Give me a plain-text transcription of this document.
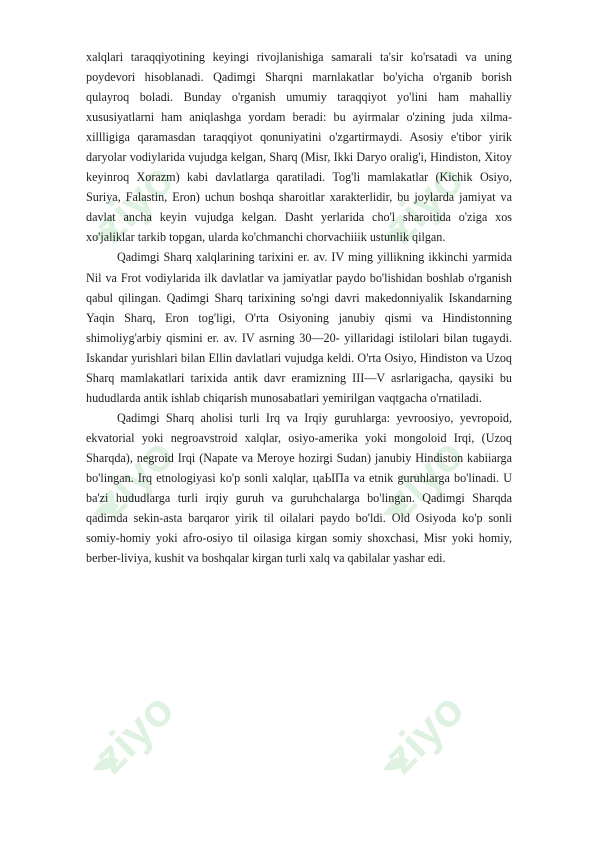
ziyo	ziyo
ziyo	ziyo
ziyo	ziyo

xalqlari taraqqiyotining keyingi rivojlanishiga samarali ta'sir ko'rsatadi va uning poydevori hisoblanadi. Qadimgi Sharqni marnlakatlar bo'yicha o'rganib borish qulayroq boladi. Bunday o'rganish umumiy taraqqiyot yo'lini ham mahalliy xususiyatlarni ham aniqlashga yordam beradi: bu ayirmalar o'zining juda xilma-xillligiga qaramasdan taraqqiyot qonuniyatini o'zgartirmaydi. Asosiy e'tibor yirik daryolar vodiylarida vujudga kelgan, Sharq (Misr, Ikki Daryo oralig'i, Hindiston, Xitoy keyinroq Xorazm) kabi davlatlarga qaratiladi. Tog'li mamlakatlar (Kichik Osiyo, Suriya, Falastin, Eron) uchun boshqa sharoitlar xarakterlidir, bu joylarda jamiyat va davlat ancha keyin vujudga kelgan. Dasht yerlarida cho'l sharoitida o'ziga xos xo'jaliklar tarkib topgan, ularda ko'chmanchi chorvachiiik ustunlik qilgan.

Qadimgi Sharq xalqlarining tarixini er. av. IV ming yillikning ikkinchi yarmida Nil va Frot vodiylarida ilk davlatlar va jamiyatlar paydo bo'lishidan boshlab o'rganish qabul qilingan. Qadimgi Sharq tarixining so'ngi davri makedonniyalik Iskandarning Yaqin Sharq, Eron tog'ligi, O'rta Osiyoning janubiy qismi va Hindistonning shimoliyg'arbiy qismini er. av. IV asrning 30—20- yillaridagi istilolari bilan tugaydi. Iskandar yurishlari bilan Ellin davlatlari vujudga keldi. O'rta Osiyo, Hindiston va Uzoq Sharq mamlakatlari tarixida antik davr eramizning III—V asrlarigacha, qaysiki bu hududlarda antik ishlab chiqarish munosabatlari yemirilgan vaqtgacha o'rnatiladi.

Qadimgi Sharq aholisi turli Irq va Irqiy guruhlarga: yevroosiyo, yevropoid, ekvatorial yoki negroavstroid xalqlar, osiyo-amerika yoki mongoloid Irqi, (Uzoq Sharqda), negroid Irqi (Napate va Meroye hozirgi Sudan) janubiy Hindiston kabiiarga bo'lingan. Irq etnologiyasi ko'p sonli xalqlar, цаЫПа va etnik guruhlarga bo'linadi. U ba'zi hududlarga turli irqiy guruh va guruhchalarga bo'lingan. Qadimgi Sharqda qadimda sekin-asta barqaror yirik til oilalari paydo bo'ldi. Old Osiyoda ko'p sonli somiy-homiy yoki afro-osiyo til oilasiga kirgan somiy shoxchasi, Misr yoki homiy, berber-liviya, kushit va boshqalar kirgan turli xalq va qabilalar yashar edi.
